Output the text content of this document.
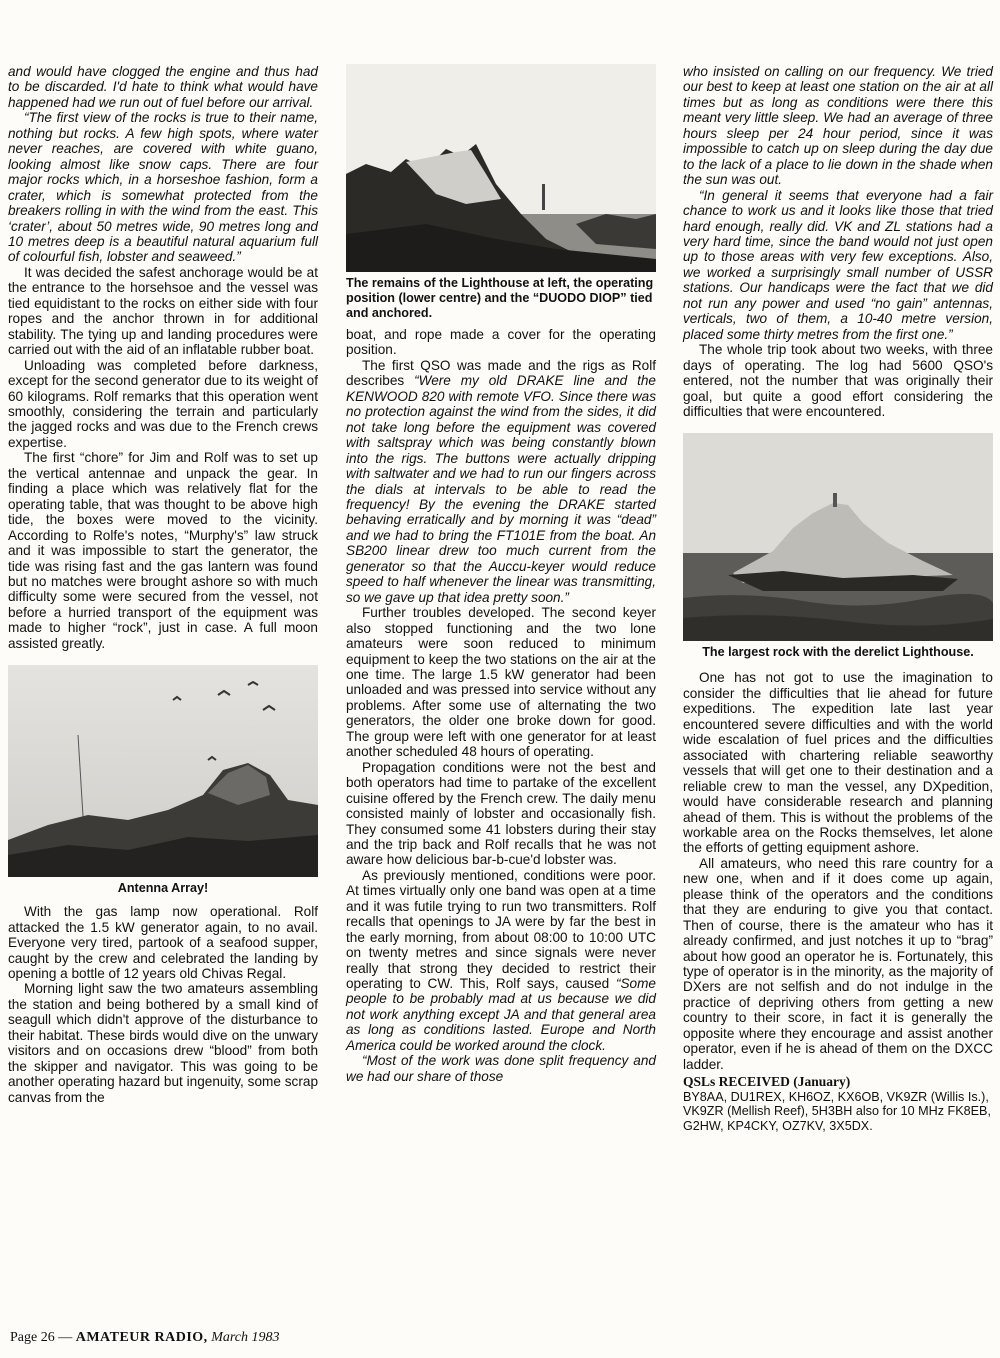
and would have clogged the engine and thus had to be discarded. I'd hate to think what would have happened had we run out of fuel before our arrival.

“The first view of the rocks is true to their name, nothing but rocks. A few high spots, where water never reaches, are covered with white guano, looking almost like snow caps. There are four major rocks which, in a horseshoe fashion, form a crater, which is somewhat protected from the breakers rolling in with the wind from the east. This ‘crater’, about 50 metres wide, 90 metres long and 10 metres deep is a beautiful natural aquarium full of colourful fish, lobster and seaweed.”

It was decided the safest anchorage would be at the entrance to the horsehsoe and the vessel was tied equidistant to the rocks on either side with four ropes and the anchor thrown in for additional stability. The tying up and landing procedures were carried out with the aid of an inflatable rubber boat.

Unloading was completed before darkness, except for the second generator due to its weight of 60 kilograms. Rolf remarks that this operation went smoothly, considering the terrain and particularly the jagged rocks and was due to the French crews expertise.

The first “chore” for Jim and Rolf was to set up the vertical antennae and unpack the gear. In finding a place which was relatively flat for the operating table, that was thought to be above high tide, the boxes were moved to the vicinity. According to Rolfe's notes, “Murphy's” law struck and it was impossible to start the generator, the tide was rising fast and the gas lantern was found but no matches were brought ashore so with much difficulty some were secured from the vessel, not before a hurried transport of the equipment was made to higher “rock”, just in case. A full moon assisted greatly.

Antenna Array!

With the gas lamp now operational. Rolf attacked the 1.5 kW generator again, to no avail. Everyone very tired, partook of a seafood supper, caught by the crew and celebrated the landing by opening a bottle of 12 years old Chivas Regal.

Morning light saw the two amateurs assembling the station and being bothered by a small kind of seagull which didn't approve of the disturbance to their habitat. These birds would dive on the unwary visitors and on occasions drew “blood” from both the skipper and navigator. This was going to be another operating hazard but ingenuity, some scrap canvas from the

The remains of the Lighthouse at left, the operating position (lower centre) and the “DUODO DIOP” tied and anchored.

boat, and rope made a cover for the operating position.

The first QSO was made and the rigs as Rolf describes “Were my old DRAKE line and the KENWOOD 820 with remote VFO. Since there was no protection against the wind from the sides, it did not take long before the equipment was covered with saltspray which was being constantly blown into the rigs. The buttons were actually dripping with saltwater and we had to run our fingers across the dials at intervals to be able to read the frequency! By the evening the DRAKE started behaving erratically and by morning it was “dead” and we had to bring the FT101E from the boat. An SB200 linear drew too much current from the generator so that the Auccu-keyer would reduce speed to half whenever the linear was transmitting, so we gave up that idea pretty soon.”

Further troubles developed. The second keyer also stopped functioning and the two lone amateurs were soon reduced to minimum equipment to keep the two stations on the air at the one time. The large 1.5 kW generator had been unloaded and was pressed into service without any problems. After some use of alternating the two generators, the older one broke down for good. The group were left with one generator for at least another scheduled 48 hours of operating.

Propagation conditions were not the best and both operators had time to partake of the excellent cuisine offered by the French crew. The daily menu consisted mainly of lobster and occasionally fish. They consumed some 41 lobsters during their stay and the trip back and Rolf recalls that he was not aware how delicious bar-b-cue'd lobster was.

As previously mentioned, conditions were poor. At times virtually only one band was open at a time and it was futile trying to run two transmitters. Rolf recalls that openings to JA were by far the best in the early morning, from about 08:00 to 10:00 UTC on twenty metres and since signals were never really that strong they decided to restrict their operating to CW. This, Rolf says, caused “Some people to be probably mad at us because we did not work anything except JA and that general area as long as conditions lasted. Europe and North America could be worked around the clock.

“Most of the work was done split frequency and we had our share of those

who insisted on calling on our frequency. We tried our best to keep at least one station on the air at all times but as long as conditions were there this meant very little sleep. We had an average of three hours sleep per 24 hour period, since it was impossible to catch up on sleep during the day due to the lack of a place to lie down in the shade when the sun was out.

“In general it seems that everyone had a fair chance to work us and it looks like those that tried hard enough, really did. VK and ZL stations had a very hard time, since the band would not just open up to those areas with very few exceptions. Also, we worked a surprisingly small number of USSR stations. Our handicaps were the fact that we did not run any power and used “no gain” antennas, verticals, two of them, a 10-40 metre version, placed some thirty metres from the first one.”

The whole trip took about two weeks, with three days of operating. The log had 5600 QSO's entered, not the number that was originally their goal, but quite a good effort considering the difficulties that were encountered.

The largest rock with the derelict Lighthouse.

One has not got to use the imagination to consider the difficulties that lie ahead for future expeditions. The expedition late last year encountered severe difficulties and with the world wide escalation of fuel prices and the difficulties associated with chartering reliable seaworthy vessels that will get one to their destination and a reliable crew to man the vessel, any DXpedition, would have considerable research and planning ahead of them. This is without the problems of the workable area on the Rocks themselves, let alone the efforts of getting equipment ashore.

All amateurs, who need this rare country for a new one, when and if it does come up again, please think of the operators and the conditions that they are enduring to give you that contact. Then of course, there is the amateur who has it already confirmed, and just notches it up to “brag” about how good an operator he is. Fortunately, this type of operator is in the minority, as the majority of DXers are not selfish and do not indulge in the practice of depriving others from getting a new country to their score, in fact it is generally the opposite where they encourage and assist another operator, even if he is ahead of them on the DXCC ladder.

QSLs RECEIVED (January)

BY8AA, DU1REX, KH6OZ, KX6OB, VK9ZR (Willis Is.), VK9ZR (Mellish Reef), 5H3BH also for 10 MHz FK8EB, G2HW, KP4CKY, OZ7KV, 3X5DX.

Page 26 — AMATEUR RADIO, March 1983
